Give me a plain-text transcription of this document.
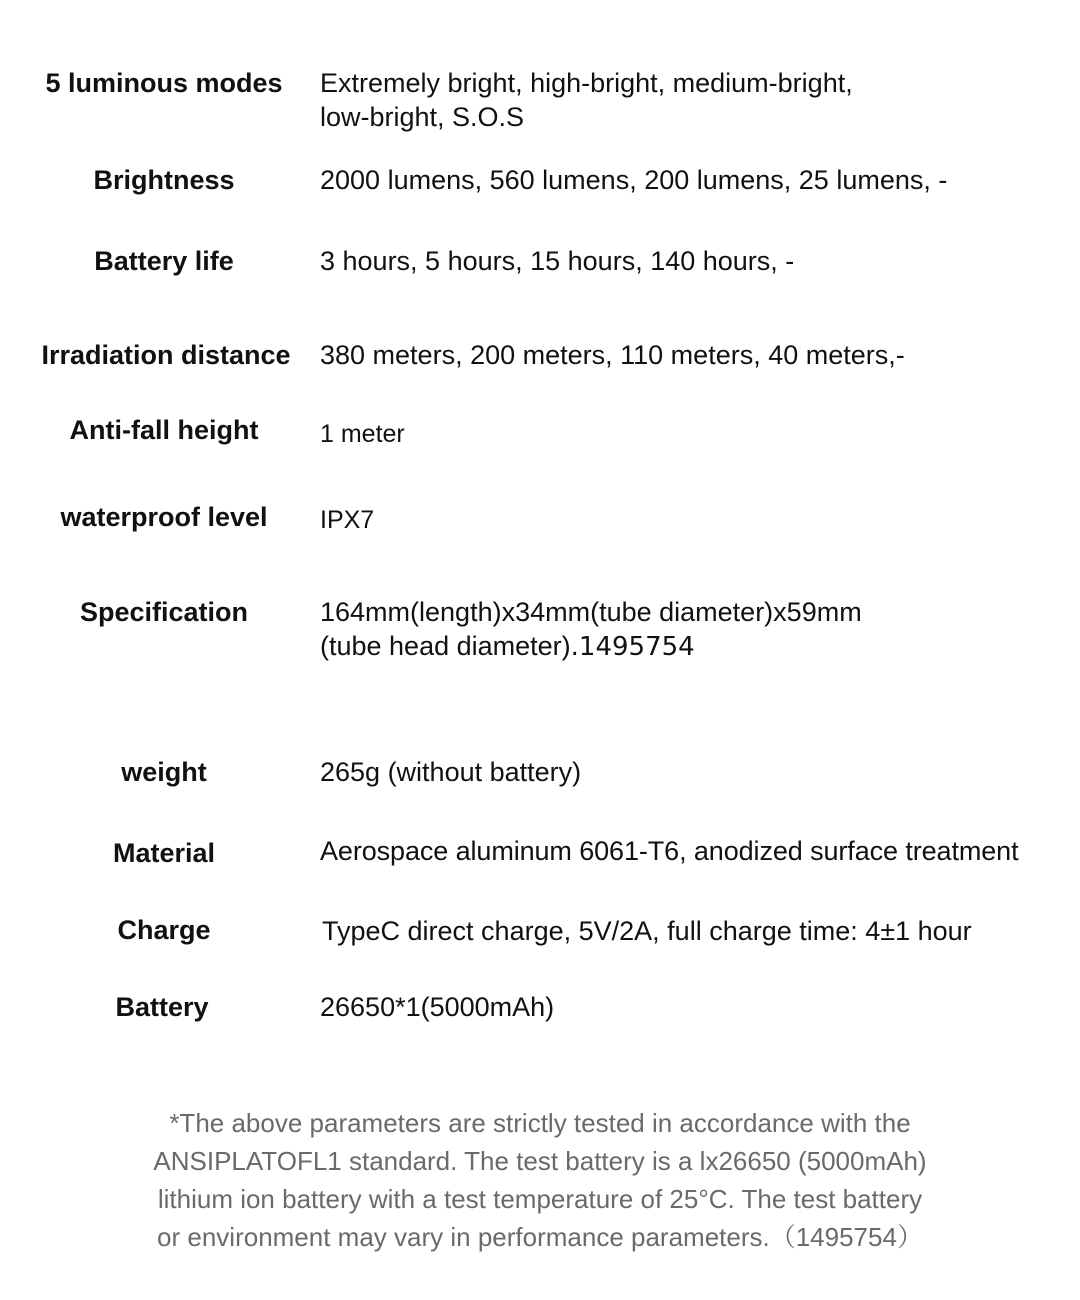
5 luminous modes	Extremely bright, high-bright, medium-bright,
low-bright, S.O.S
Brightness	2000 lumens, 560 lumens, 200 lumens, 25 lumens, -
Battery life	3 hours, 5 hours, 15 hours, 140 hours, -
Irradiation distance	380 meters, 200 meters, 110 meters, 40 meters,-
Anti-fall height	1 meter
waterproof level	IPX7
Specification	164mm(length)x34mm(tube diameter)x59mm
(tube head diameter).1495754
weight	265g (without battery)
Material	Aerospace aluminum 6061-T6, anodized surface treatment
Charge	TypeC direct charge, 5V/2A, full charge time: 4±1 hour
Battery	26650*1(5000mAh)
*The above parameters are strictly tested in accordance with the
ANSIPLATOFL1 standard. The test battery is a lx26650 (5000mAh)
lithium ion battery with a test temperature of 25°C. The test battery
or environment may vary in performance parameters.（1495754）
